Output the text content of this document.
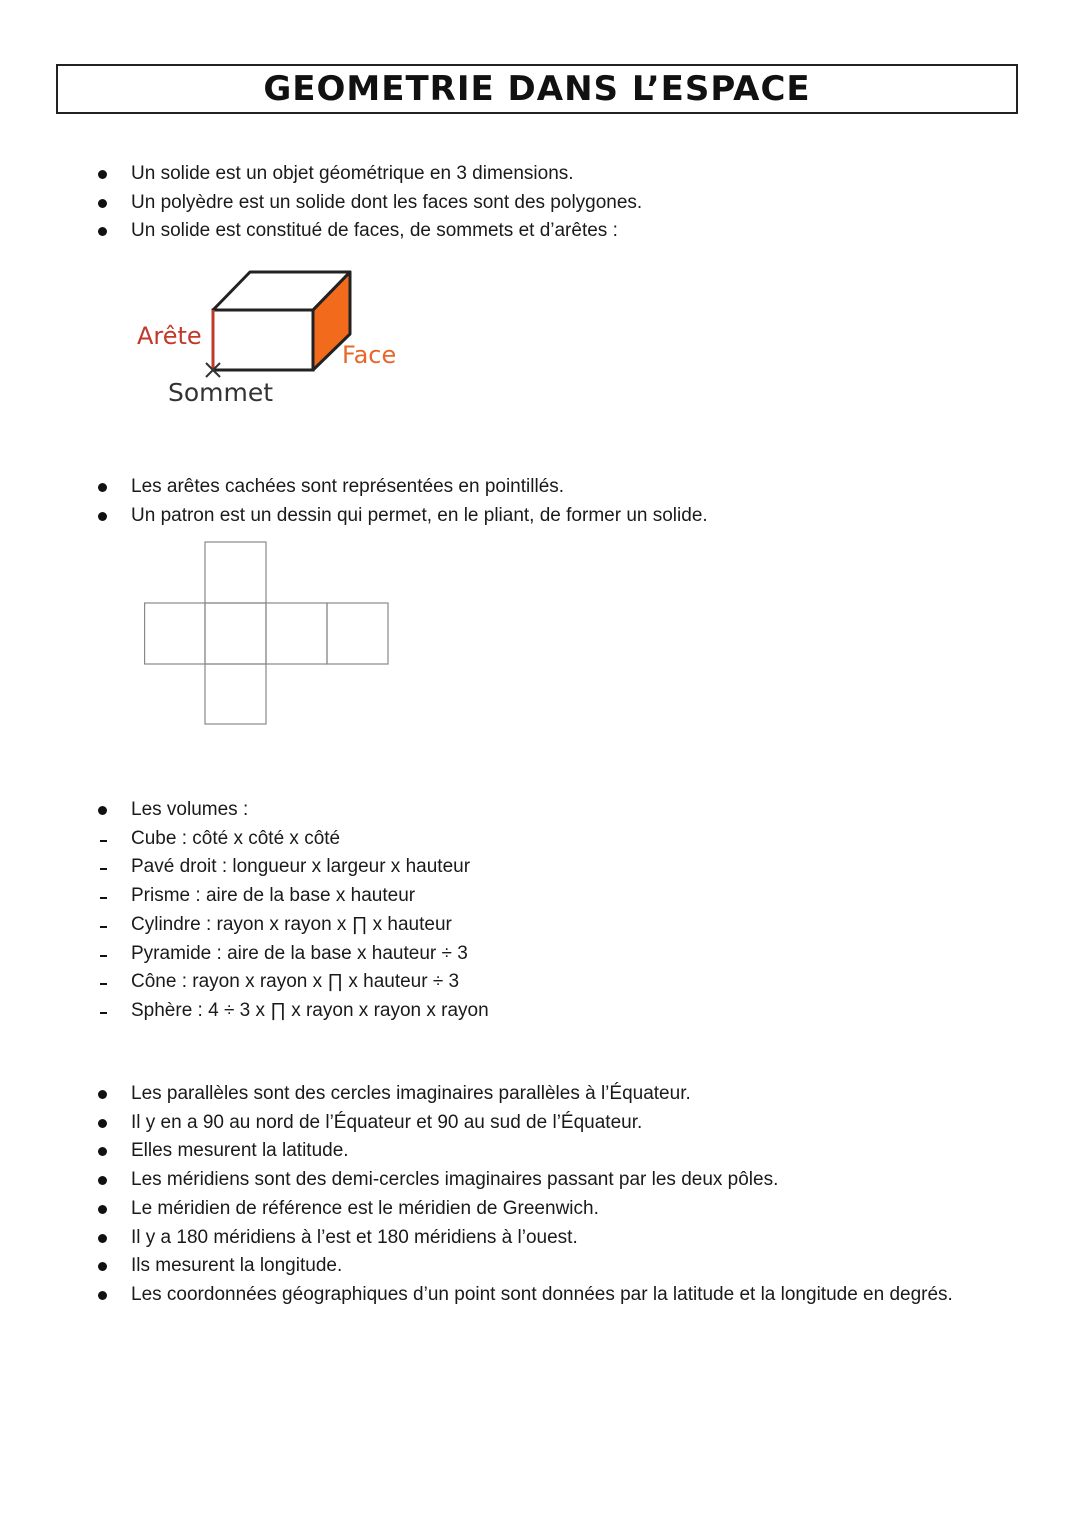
GEOMETRIE DANS L’ESPACE
Un solide est un objet géométrique en 3 dimensions.
Un polyèdre est un solide dont les faces sont des polygones.
Un solide est constitué de faces, de sommets et d’arêtes :
Arête
Face
Sommet
Les arêtes cachées sont représentées en pointillés.
Un patron est un dessin qui permet, en le pliant, de former un solide.
Les volumes :
Cube : côté x côté x côté
Pavé droit : longueur x largeur x hauteur
Prisme : aire de la base x hauteur
Cylindre : rayon x rayon x ∏ x hauteur
Pyramide : aire de la base x hauteur ÷ 3
Cône : rayon x rayon x ∏ x hauteur ÷ 3
Sphère : 4 ÷ 3 x ∏ x rayon x rayon x rayon
Les parallèles sont des cercles imaginaires parallèles à l’Équateur.
Il y en a 90 au nord de l’Équateur et 90 au sud de l’Équateur.
Elles mesurent la latitude.
Les méridiens sont des demi-cercles imaginaires passant par les deux pôles.
Le méridien de référence est le méridien de Greenwich.
Il y a 180 méridiens à l’est et 180 méridiens à l’ouest.
Ils mesurent la longitude.
Les coordonnées géographiques d’un point sont données par la latitude et la longitude en degrés.
